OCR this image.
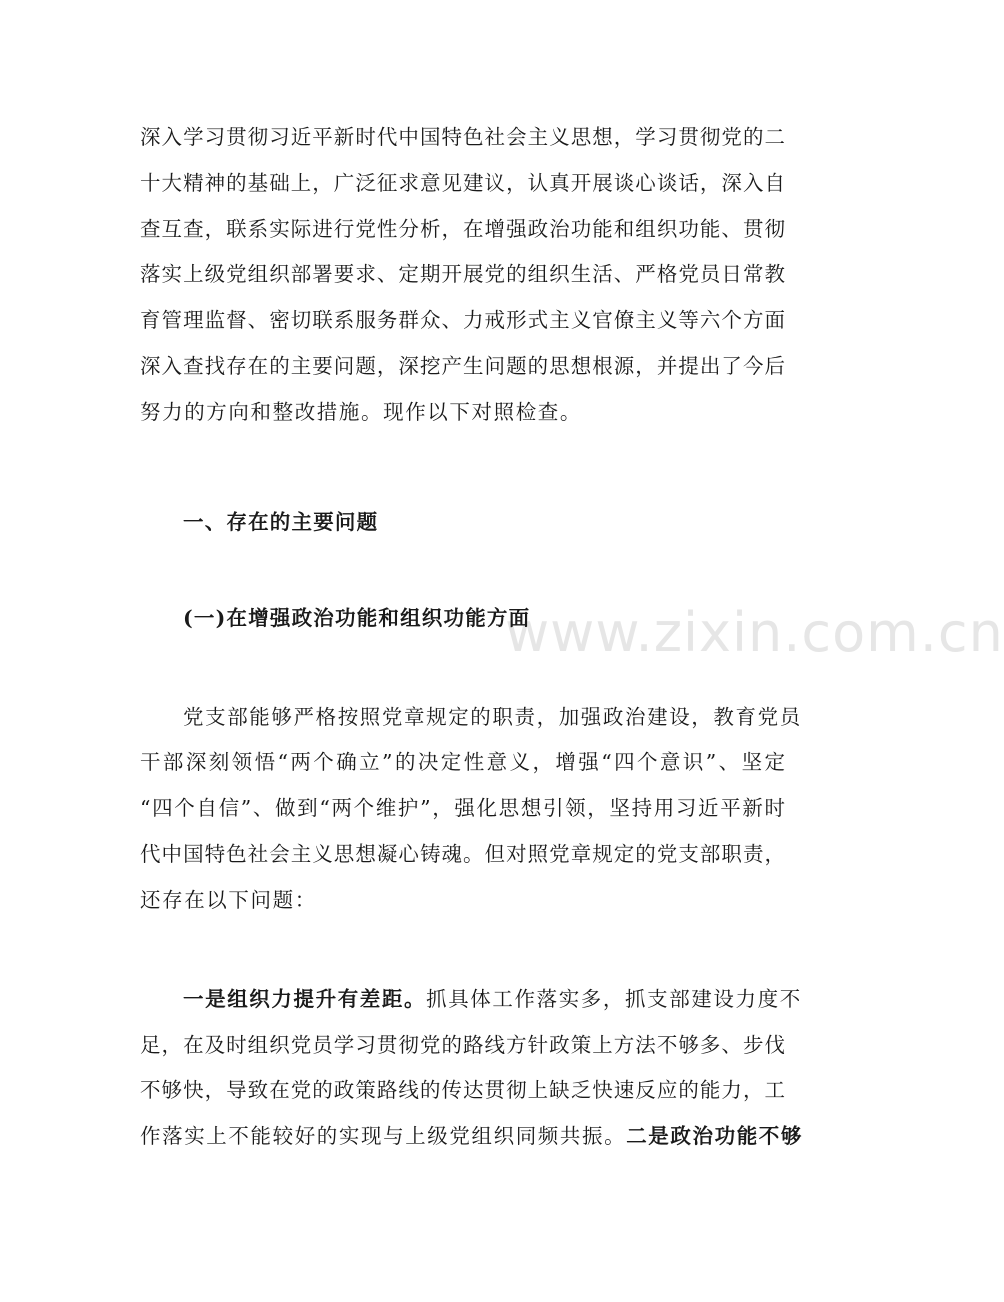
www.zixin.com.cn
深入学习贯彻习近平新时代中国特色社会主义思想，学习贯彻党的二
十大精神的基础上，广泛征求意见建议，认真开展谈心谈话，深入自
查互查，联系实际进行党性分析，在增强政治功能和组织功能、贯彻
落实上级党组织部署要求、定期开展党的组织生活、严格党员日常教
育管理监督、密切联系服务群众、力戒形式主义官僚主义等六个方面
深入查找存在的主要问题，深挖产生问题的思想根源，并提出了今后
努力的方向和整改措施。现作以下对照检查。
一、存在的主要问题
(一)在增强政治功能和组织功能方面
党支部能够严格按照党章规定的职责，加强政治建设，教育党员
干部深刻领悟“两个确立”的决定性意义，增强“四个意识”、坚定
“四个自信”、做到“两个维护”，强化思想引领，坚持用习近平新时
代中国特色社会主义思想凝心铸魂。但对照党章规定的党支部职责，
还存在以下问题：
一是组织力提升有差距。抓具体工作落实多，抓支部建设力度不
足，在及时组织党员学习贯彻党的路线方针政策上方法不够多、步伐
不够快，导致在党的政策路线的传达贯彻上缺乏快速反应的能力，工
作落实上不能较好的实现与上级党组织同频共振。二是政治功能不够
